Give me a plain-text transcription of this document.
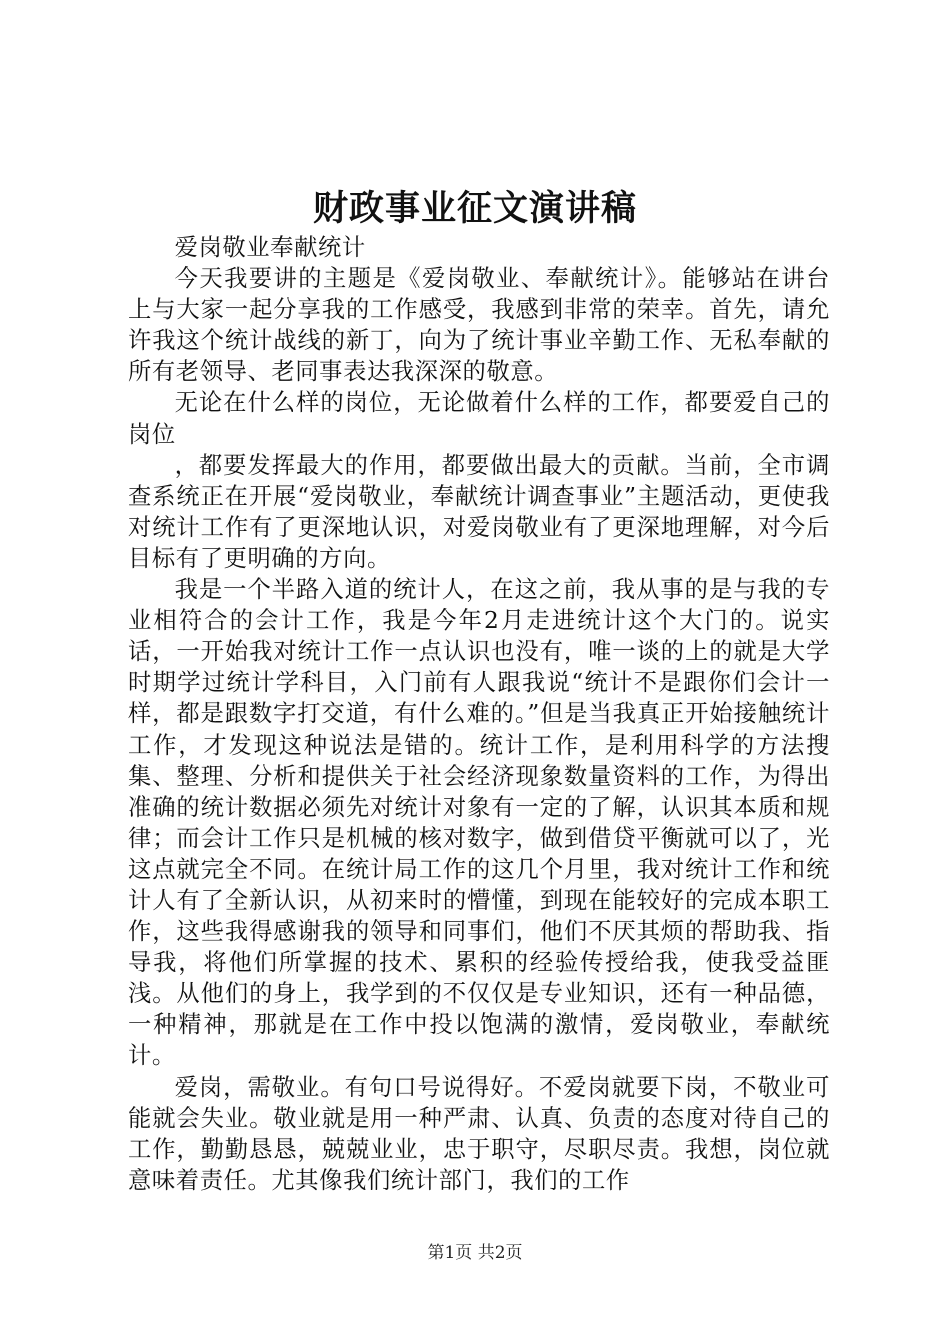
财政事业征文演讲稿

爱岗敬业奉献统计

今天我要讲的主题是《爱岗敬业、奉献统计》。能够站在讲台上与大家一起分享我的工作感受，我感到非常的荣幸。首先，请允许我这个统计战线的新丁，向为了统计事业辛勤工作、无私奉献的所有老领导、老同事表达我深深的敬意。

无论在什么样的岗位，无论做着什么样的工作，都要爱自己的岗位

，都要发挥最大的作用，都要做出最大的贡献。当前，全市调查系统正在开展“爱岗敬业，奉献统计调查事业”主题活动，更使我对统计工作有了更深地认识，对爱岗敬业有了更深地理解，对今后目标有了更明确的方向。

我是一个半路入道的统计人，在这之前，我从事的是与我的专业相符合的会计工作，我是今年2月走进统计这个大门的。说实话，一开始我对统计工作一点认识也没有，唯一谈的上的就是大学时期学过统计学科目，入门前有人跟我说“统计不是跟你们会计一样，都是跟数字打交道，有什么难的。”但是当我真正开始接触统计工作，才发现这种说法是错的。统计工作，是利用科学的方法搜集、整理、分析和提供关于社会经济现象数量资料的工作，为得出准确的统计数据必须先对统计对象有一定的了解，认识其本质和规律；而会计工作只是机械的核对数字，做到借贷平衡就可以了，光这点就完全不同。在统计局工作的这几个月里，我对统计工作和统计人有了全新认识，从初来时的懵懂，到现在能较好的完成本职工作，这些我得感谢我的领导和同事们，他们不厌其烦的帮助我、指导我，将他们所掌握的技术、累积的经验传授给我，使我受益匪浅。从他们的身上，我学到的不仅仅是专业知识，还有一种品德，一种精神，那就是在工作中投以饱满的激情，爱岗敬业，奉献统计。

爱岗，需敬业。有句口号说得好。不爱岗就要下岗，不敬业可能就会失业。敬业就是用一种严肃、认真、负责的态度对待自己的工作，勤勤恳恳，兢兢业业，忠于职守，尽职尽责。我想，岗位就意味着责任。尤其像我们统计部门，我们的工作

第1页 共2页
